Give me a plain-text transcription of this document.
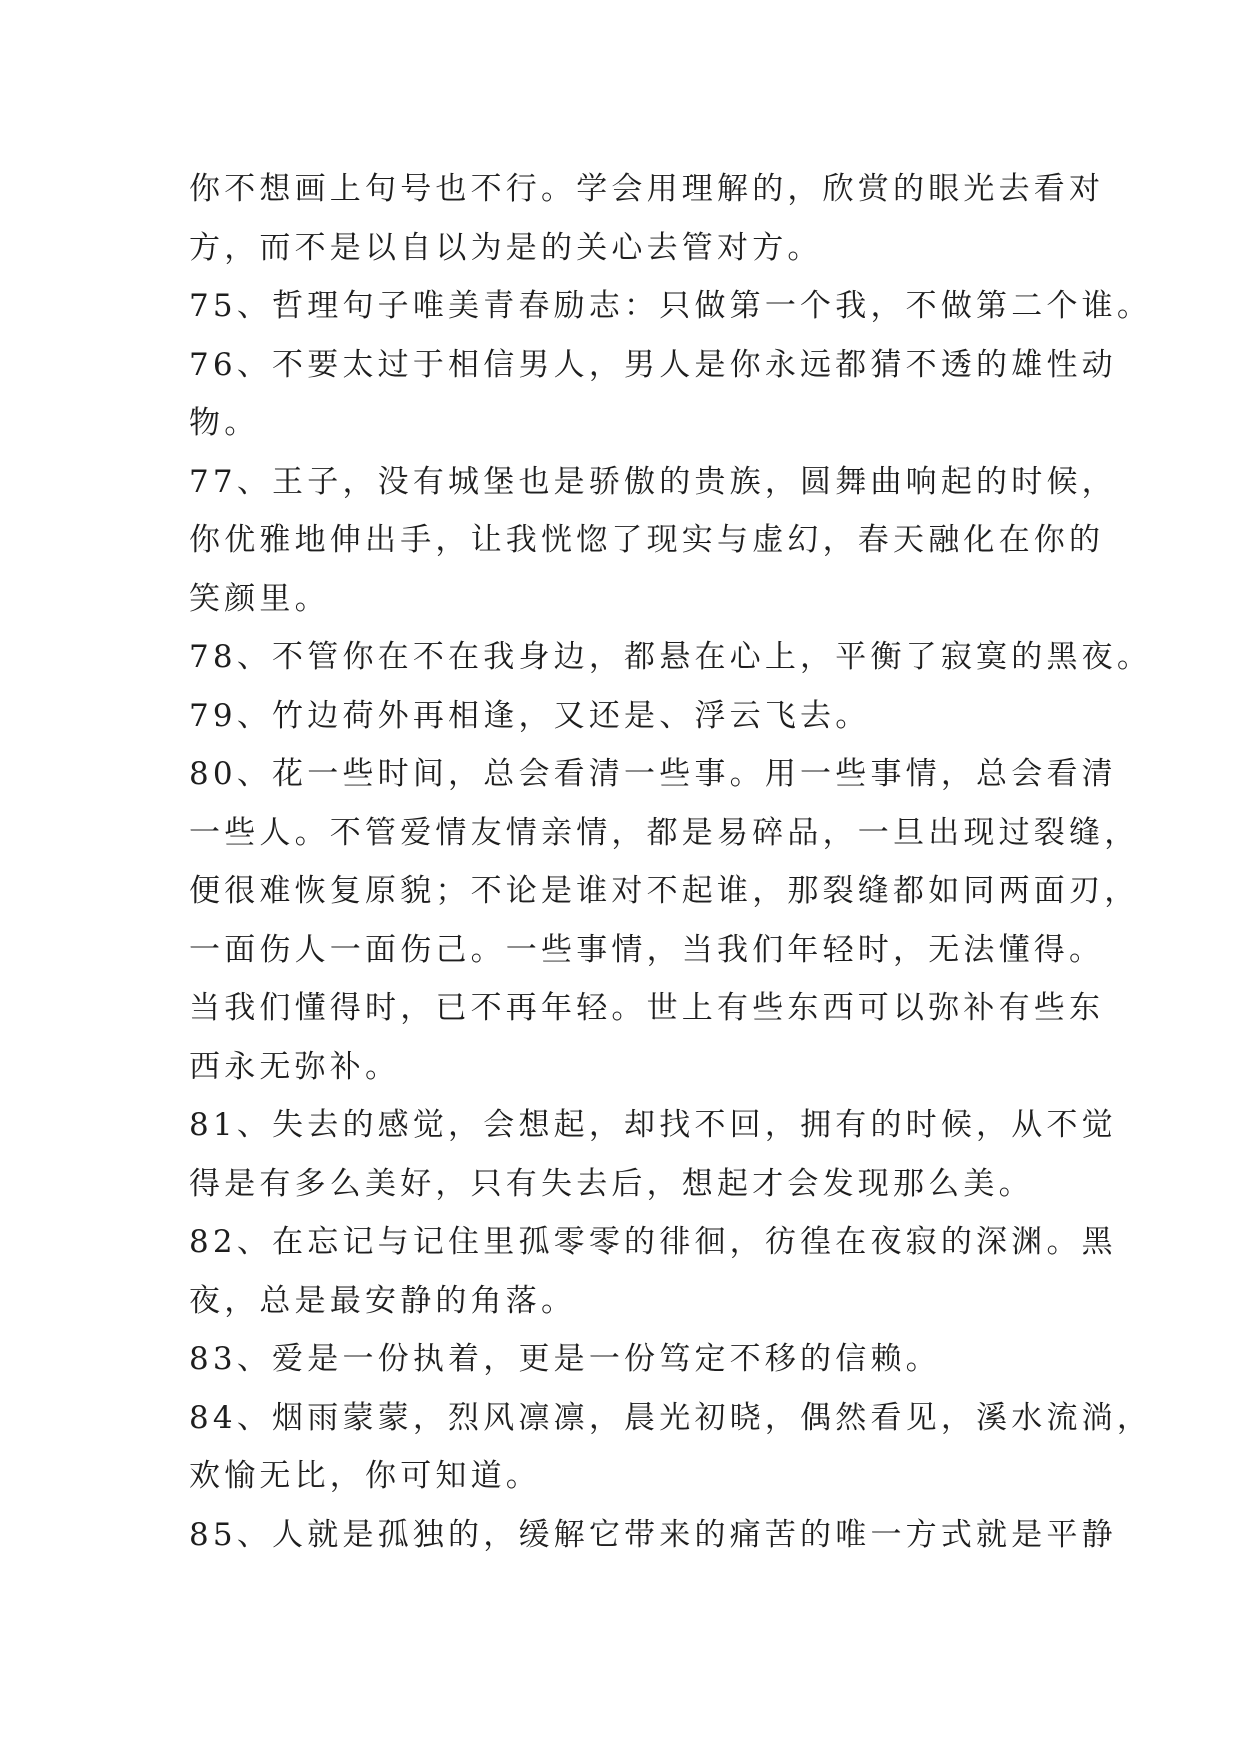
你不想画上句号也不行。学会用理解的，欣赏的眼光去看对
方，而不是以自以为是的关心去管对方。
75、哲理句子唯美青春励志：只做第一个我，不做第二个谁。
76、不要太过于相信男人，男人是你永远都猜不透的雄性动
物。
77、王子，没有城堡也是骄傲的贵族，圆舞曲响起的时候，
你优雅地伸出手，让我恍惚了现实与虚幻，春天融化在你的
笑颜里。
78、不管你在不在我身边，都悬在心上，平衡了寂寞的黑夜。
79、竹边荷外再相逢，又还是、浮云飞去。
80、花一些时间，总会看清一些事。用一些事情，总会看清
一些人。不管爱情友情亲情，都是易碎品，一旦出现过裂缝，
便很难恢复原貌；不论是谁对不起谁，那裂缝都如同两面刃，
一面伤人一面伤己。一些事情，当我们年轻时，无法懂得。
当我们懂得时，已不再年轻。世上有些东西可以弥补有些东
西永无弥补。
81、失去的感觉，会想起，却找不回，拥有的时候，从不觉
得是有多么美好，只有失去后，想起才会发现那么美。
82、在忘记与记住里孤零零的徘徊，彷徨在夜寂的深渊。黑
夜，总是最安静的角落。
83、爱是一份执着，更是一份笃定不移的信赖。
84、烟雨蒙蒙，烈风凛凛，晨光初晓，偶然看见，溪水流淌，
欢愉无比，你可知道。
85、人就是孤独的，缓解它带来的痛苦的唯一方式就是平静
